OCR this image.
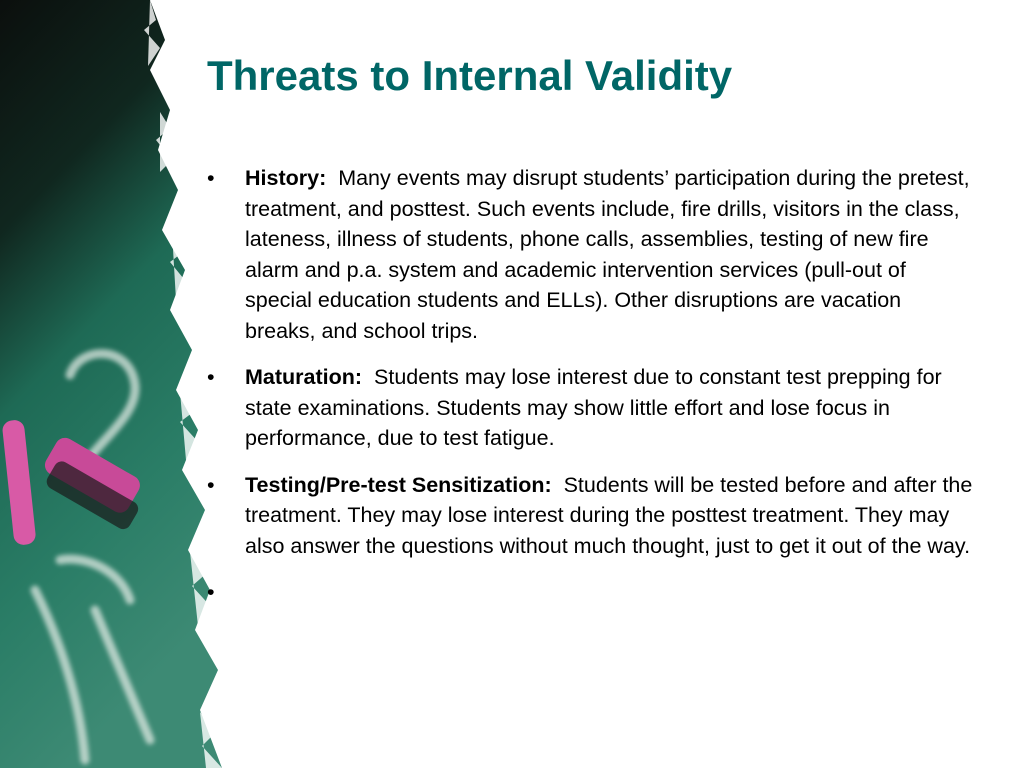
Threats to Internal Validity
• History: Many events may disrupt students’ participation during the pretest, treatment, and posttest. Such events include, fire drills, visitors in the class, lateness, illness of students, phone calls, assemblies, testing of new fire alarm and p.a. system and academic intervention services (pull-out of special education students and ELLs). Other disruptions are vacation breaks, and school trips.
• Maturation: Students may lose interest due to constant test prepping for state examinations. Students may show little effort and lose focus in performance, due to test fatigue.
• Testing/Pre-test Sensitization: Students will be tested before and after the treatment. They may lose interest during the posttest treatment. They may also answer the questions without much thought, just to get it out of the way.
•
